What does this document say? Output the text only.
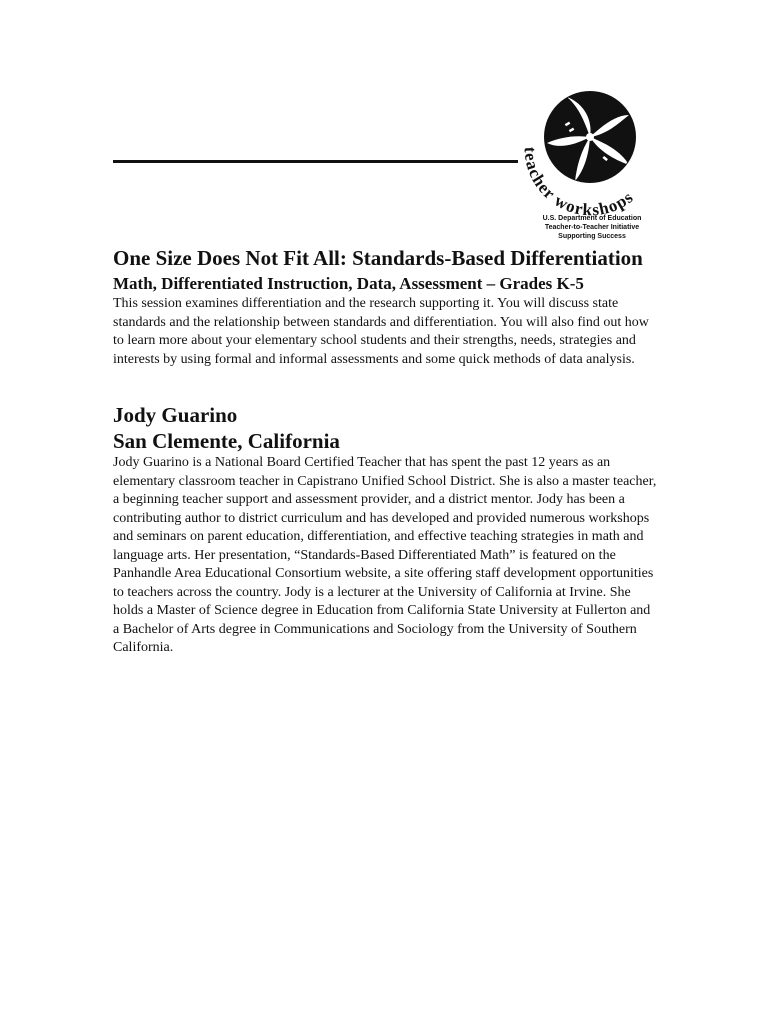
teacher workshops
U.S. Department of Education
Teacher-to-Teacher Initiative
Supporting Success
One Size Does Not Fit All: Standards-Based Differentiation
Math, Differentiated Instruction, Data, Assessment – Grades K-5

This session examines differentiation and the research supporting it. You will discuss state standards and the relationship between standards and differentiation. You will also find out how to learn more about your elementary school students and their strengths, needs, strategies and interests by using formal and informal assessments and some quick methods of data analysis.

Jody Guarino
San Clemente, California

Jody Guarino is a National Board Certified Teacher that has spent the past 12 years as an elementary classroom teacher in Capistrano Unified School District. She is also a master teacher, a beginning teacher support and assessment provider, and a district mentor. Jody has been a contributing author to district curriculum and has developed and provided numerous workshops and seminars on parent education, differentiation, and effective teaching strategies in math and language arts. Her presentation, “Standards-Based Differentiated Math” is featured on the Panhandle Area Educational Consortium website, a site offering staff development opportunities to teachers across the country. Jody is a lecturer at the University of California at Irvine. She holds a Master of Science degree in Education from California State University at Fullerton and a Bachelor of Arts degree in Communications and Sociology from the University of Southern California.
